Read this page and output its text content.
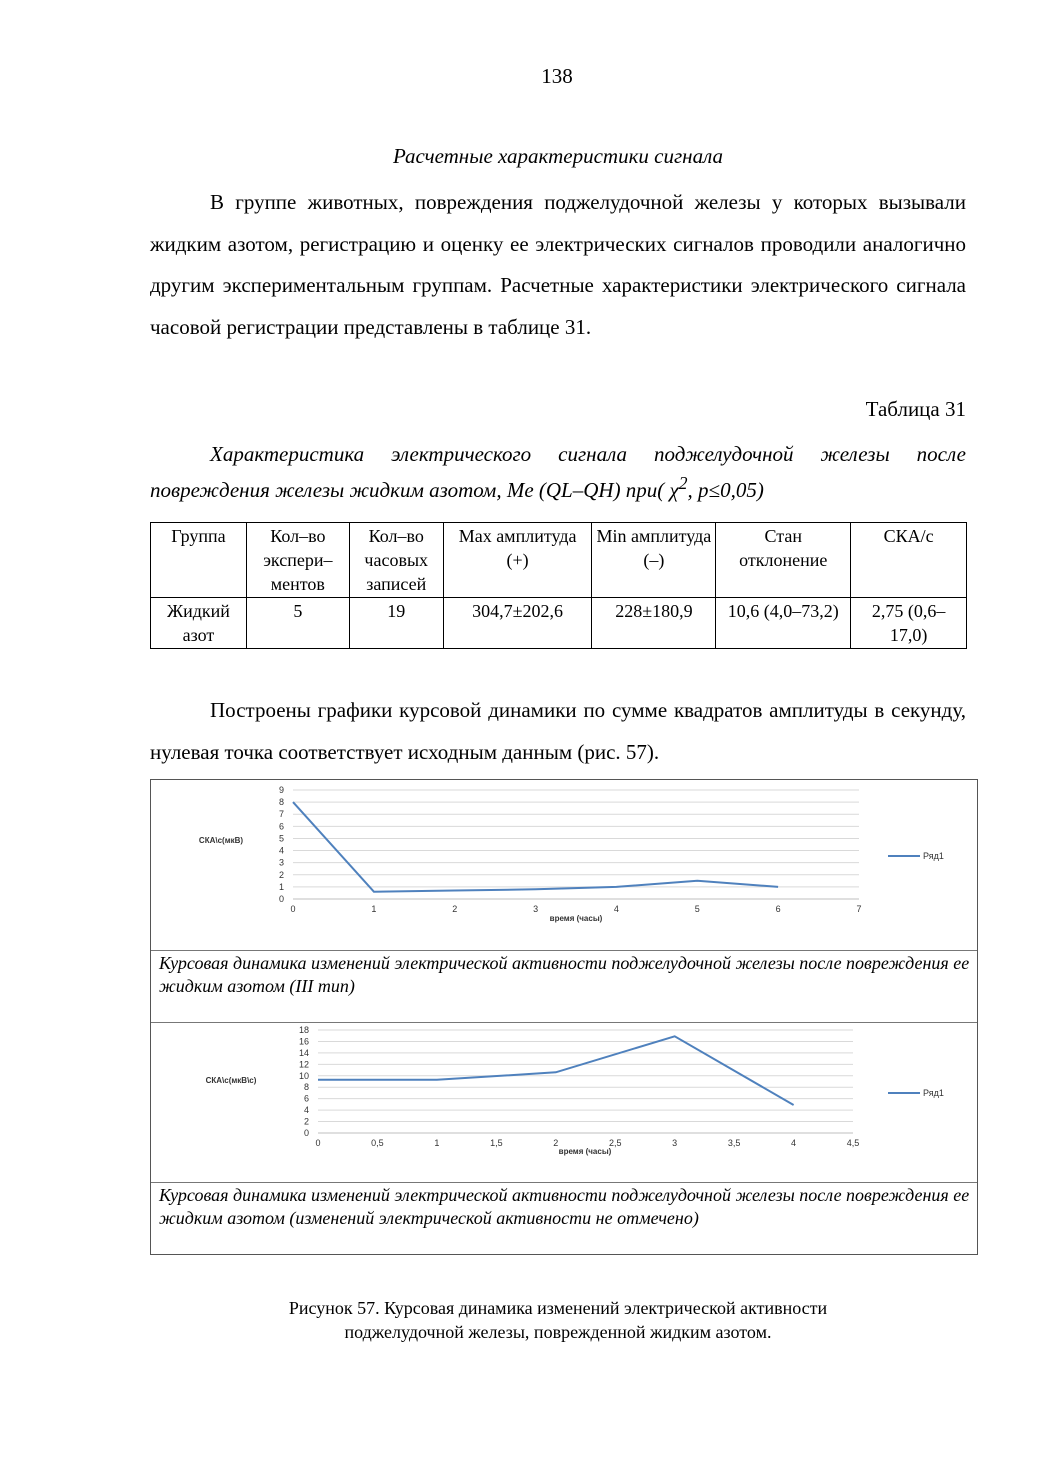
138
Расчетные характеристики сигнала

В группе животных, повреждения поджелудочной железы у которых вызывали жидким азотом, регистрацию и оценку ее электрических сигналов проводили аналогично другим экспериментальным группам. Расчетные характеристики электрического сигнала часовой регистрации представлены в таблице 31.

Таблица 31
Характеристика электрического сигнала поджелудочной железы после повреждения железы жидким азотом, Me (QL–QH) при( $\chi^2$, p≤0,05)
Группа	Кол–во экспери–ментов	Кол–во часовых записей	Max амплитуда (+)	Min амплитуда (–)	Стан отклонение	СКА/с
Жидкий азот	5	19	304,7±202,6	228±180,9	10,6 (4,0–73,2)	2,75 (0,6–17,0)

Построены графики курсовой динамики по сумме квадратов амплитуды в секунду, нулевая точка соответствует исходным данным (рис. 57).

0
1
2
3
4
5
6
7
8
9
0	1	2	3	4	5	6	7
СКА\с(мкВ)
время (часы)
Ряд1
Курсовая динамика изменений электрической активности поджелудочной железы после повреждения ее жидким азотом (III тип)
0
2
4
6
8
10
12
14
16
18
0	0,5	1	1,5	2	2,5	3	3,5	4	4,5
СКА\с(мкВ\с)
время (часы)
Ряд1
Курсовая динамика изменений электрической активности поджелудочной железы после повреждения ее жидким азотом (изменений электрической активности не отмечено)
Рисунок 57. Курсовая динамика изменений электрической активности
поджелудочной железы, поврежденной жидким азотом.
